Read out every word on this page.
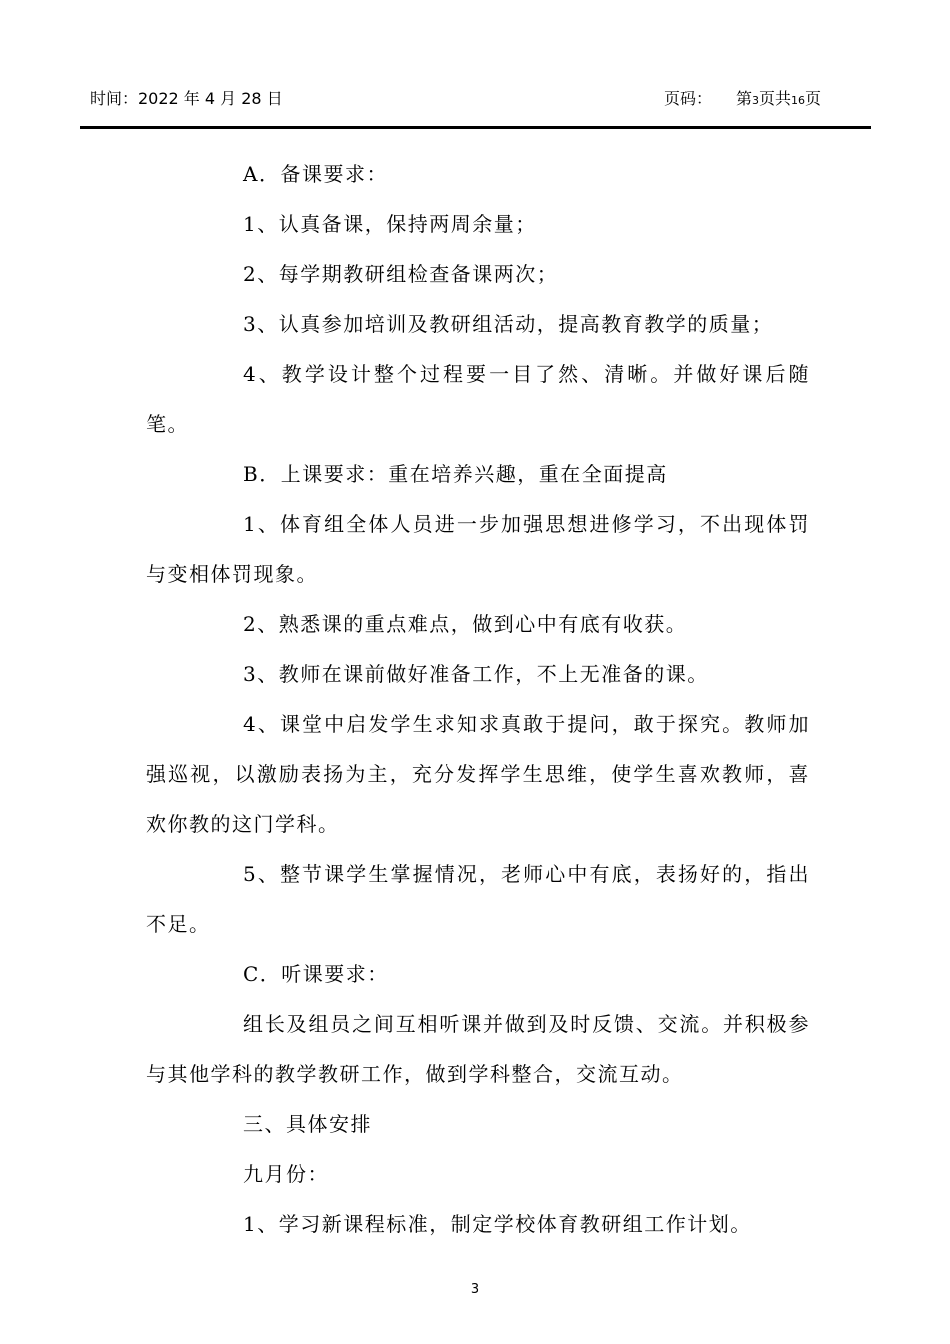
时间：2022 年 4 月 28 日	页码： 第3页共16页

A．备课要求：

1、认真备课，保持两周余量；

2、每学期教研组检查备课两次；

3、认真参加培训及教研组活动，提高教育教学的质量；

4、教学设计整个过程要一目了然、清晰。并做好课后随笔。

B．上课要求：重在培养兴趣，重在全面提高

1、体育组全体人员进一步加强思想进修学习，不出现体罚与变相体罚现象。

2、熟悉课的重点难点，做到心中有底有收获。

3、教师在课前做好准备工作，不上无准备的课。

4、课堂中启发学生求知求真敢于提问，敢于探究。教师加强巡视，以激励表扬为主，充分发挥学生思维，使学生喜欢教师，喜欢你教的这门学科。

5、整节课学生掌握情况，老师心中有底，表扬好的，指出不足。

C．听课要求：

组长及组员之间互相听课并做到及时反馈、交流。并积极参与其他学科的教学教研工作，做到学科整合，交流互动。

三、具体安排

九月份：

1、学习新课程标准，制定学校体育教研组工作计划。

3
